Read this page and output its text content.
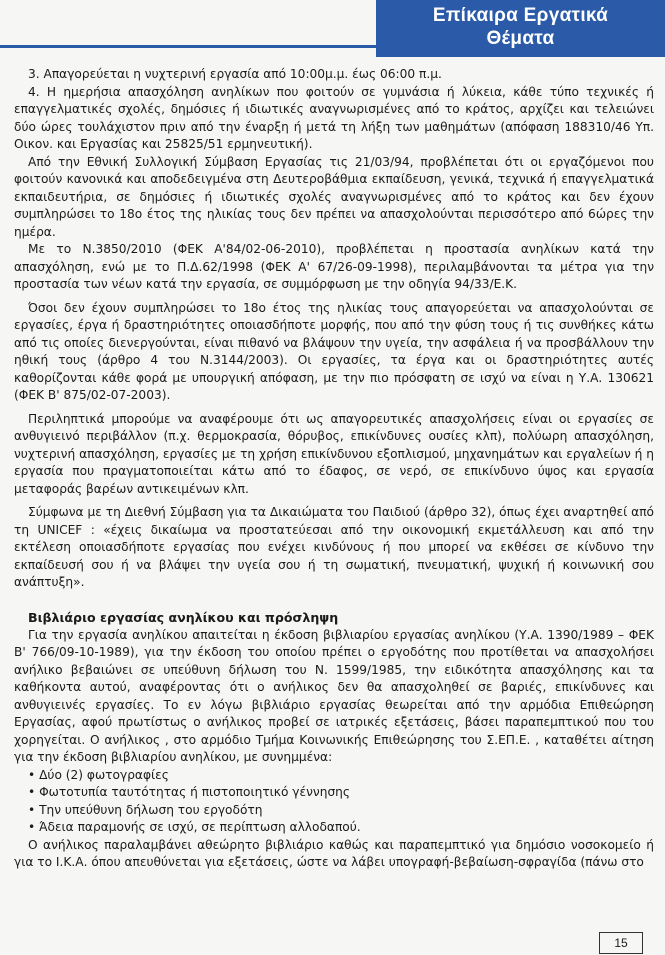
Επίκαιρα Εργατικά
Θέματα

3. Απαγορεύεται η νυχτερινή εργασία από 10:00μ.μ. έως 06:00 π.μ.

4. Η ημερήσια απασχόληση ανηλίκων που φοιτούν σε γυμνάσια ή λύκεια, κάθε τύπο τεχνικές ή επαγγελματικές σχολές, δημόσιες ή ιδιωτικές αναγνωρισμένες από το κράτος, αρχίζει και τελειώνει δύο ώρες τουλάχιστον πριν από την έναρξη ή μετά τη λήξη των μαθημάτων (απόφαση 188310/46 Υπ. Οικον. και Εργασίας και 25825/51 ερμηνευτική).

Από την Εθνική Συλλογική Σύμβαση Εργασίας τις 21/03/94, προβλέπεται ότι οι εργαζόμενοι που φοιτούν κανονικά και αποδεδειγμένα στη Δευτεροβάθμια εκπαίδευση, γενικά, τεχνικά ή επαγγελματικά εκπαιδευτήρια, σε δημόσιες ή ιδιωτικές σχολές αναγνωρισμένες από το κράτος και δεν έχουν συμπληρώσει το 18ο έτος της ηλικίας τους δεν πρέπει να απασχολούνται περισσότερο από 6ώρες την ημέρα.

Με το Ν.3850/2010 (ΦΕΚ Α'84/02-06-2010), προβλέπεται η προστασία ανηλίκων κατά την απασχόληση, ενώ με το Π.Δ.62/1998 (ΦΕΚ Α' 67/26-09-1998), περιλαμβάνονται τα μέτρα για την προστασία των νέων κατά την εργασία, σε συμμόρφωση με την οδηγία 94/33/Ε.Κ.

Όσοι δεν έχουν συμπληρώσει το 18ο έτος της ηλικίας τους απαγορεύεται να απασχολούνται σε εργασίες, έργα ή δραστηριότητες οποιασδήποτε μορφής, που από την φύση τους ή τις συνθήκες κάτω από τις οποίες διενεργούνται, είναι πιθανό να βλάψουν την υγεία, την ασφάλεια ή να προσβάλλουν την ηθική τους (άρθρο 4 του Ν.3144/2003). Οι εργασίες, τα έργα και οι δραστηριότητες αυτές καθορίζονται κάθε φορά με υπουργική απόφαση, με την πιο πρόσφατη σε ισχύ να είναι η Υ.Α. 130621 (ΦΕΚ Β' 875/02-07-2003).

Περιληπτικά μπορούμε να αναφέρουμε ότι ως απαγορευτικές απασχολήσεις είναι οι εργασίες σε ανθυγιεινό περιβάλλον (π.χ. θερμοκρασία, θόρυβος, επικίνδυνες ουσίες κλπ), πολύωρη απασχόληση, νυχτερινή απασχόληση, εργασίες με τη χρήση επικίνδυνου εξοπλισμού, μηχανημάτων και εργαλείων ή η εργασία που πραγματοποιείται κάτω από το έδαφος, σε νερό, σε επικίνδυνο ύψος και εργασία μεταφοράς βαρέων αντικειμένων κλπ.

Σύμφωνα με τη Διεθνή Σύμβαση για τα Δικαιώματα του Παιδιού (άρθρο 32), όπως έχει αναρτηθεί από τη UNICEF : «έχεις δικαίωμα να προστατεύεσαι από την οικονομική εκμετάλλευση και από την εκτέλεση οποιασδήποτε εργασίας που ενέχει κινδύνους ή που μπορεί να εκθέσει σε κίνδυνο την εκπαίδευσή σου ή να βλάψει την υγεία σου ή τη σωματική, πνευματική, ψυχική ή κοινωνική σου ανάπτυξη».

Βιβλιάριο εργασίας ανηλίκου και πρόσληψη

Για την εργασία ανηλίκου απαιτείται η έκδοση βιβλιαρίου εργασίας ανηλίκου (Υ.Α. 1390/1989 – ΦΕΚ Β' 766/09-10-1989), για την έκδοση του οποίου πρέπει ο εργοδότης που προτίθεται να απασχολήσει ανήλικο βεβαιώνει σε υπεύθυνη δήλωση του Ν. 1599/1985, την ειδικότητα απασχόλησης και τα καθήκοντα αυτού, αναφέροντας ότι ο ανήλικος δεν θα απασχοληθεί σε βαριές, επικίνδυνες και ανθυγιεινές εργασίες. Το εν λόγω βιβλιάριο εργασίας θεωρείται από την αρμόδια Επιθεώρηση Εργασίας, αφού πρωτίστως ο ανήλικος προβεί σε ιατρικές εξετάσεις, βάσει παραπεμπτικού που του χορηγείται. Ο ανήλικος , στο αρμόδιο Τμήμα Κοινωνικής Επιθεώρησης του Σ.ΕΠ.Ε. , καταθέτει αίτηση για την έκδοση βιβλιαρίου ανηλίκου, με συνημμένα:

• Δύο (2) φωτογραφίες
• Φωτοτυπία ταυτότητας ή πιστοποιητικό γέννησης
• Την υπεύθυνη δήλωση του εργοδότη
• Άδεια παραμονής σε ισχύ, σε περίπτωση αλλοδαπού.

Ο ανήλικος παραλαμβάνει αθεώρητο βιβλιάριο καθώς και παραπεμπτικό για δημόσιο νοσοκομείο ή για το Ι.Κ.Α. όπου απευθύνεται για εξετάσεις, ώστε να λάβει υπογραφή-βεβαίωση-σφραγίδα (πάνω στο

15
